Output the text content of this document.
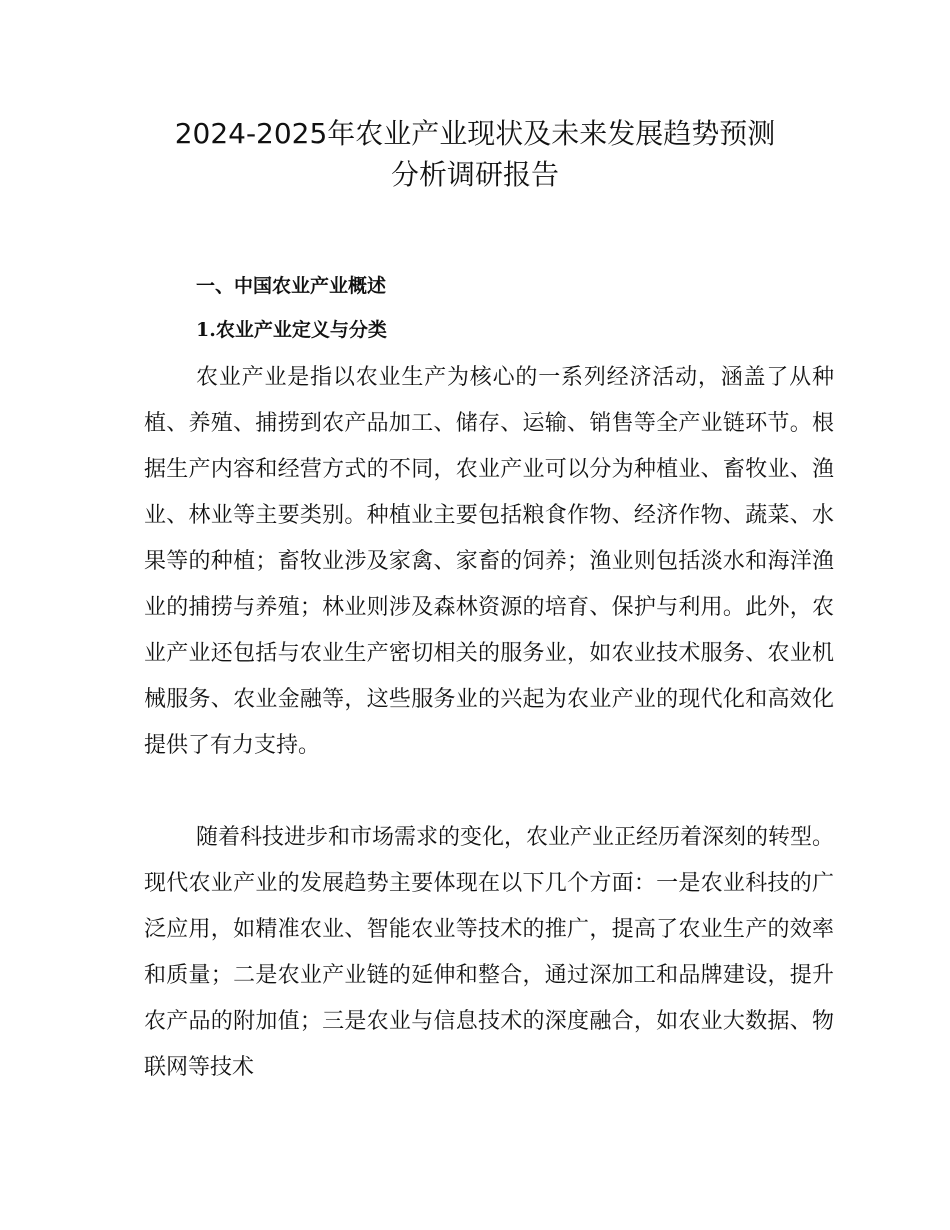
2024-2025年农业产业现状及未来发展趋势预测
分析调研报告
一、中国农业产业概述
1.农业产业定义与分类

农业产业是指以农业生产为核心的一系列经济活动，涵盖了从种植、养殖、捕捞到农产品加工、储存、运输、销售等全产业链环节。根据生产内容和经营方式的不同，农业产业可以分为种植业、畜牧业、渔业、林业等主要类别。种植业主要包括粮食作物、经济作物、蔬菜、水果等的种植；畜牧业涉及家禽、家畜的饲养；渔业则包括淡水和海洋渔业的捕捞与养殖；林业则涉及森林资源的培育、保护与利用。此外，农业产业还包括与农业生产密切相关的服务业，如农业技术服务、农业机械服务、农业金融等，这些服务业的兴起为农业产业的现代化和高效化提供了有力支持。

随着科技进步和市场需求的变化，农业产业正经历着深刻的转型。现代农业产业的发展趋势主要体现在以下几个方面：一是农业科技的广泛应用，如精准农业、智能农业等技术的推广，提高了农业生产的效率和质量；二是农业产业链的延伸和整合，通过深加工和品牌建设，提升农产品的附加值；三是农业与信息技术的深度融合，如农业大数据、物联网等技术
